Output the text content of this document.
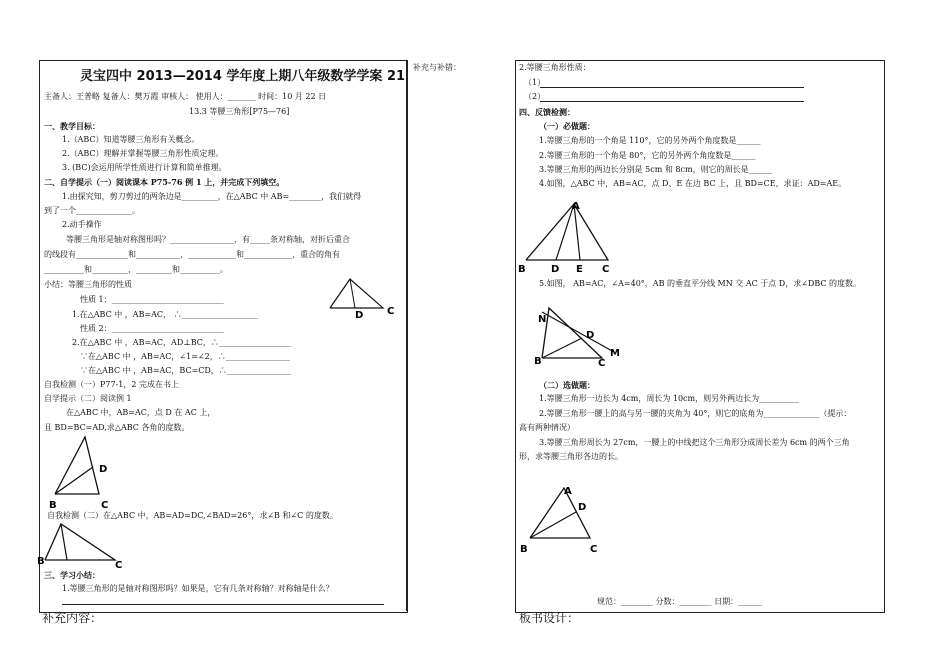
灵宝四中 2013—2014 学年度上期八年级数学学案 21
主备人：王普略 复备人：樊万霞 审核人： 使用人：_______ 时间：10 月 22 日
13.3 等腰三角形[P75—76]
一、教学目标：
1.（ABC）知道等腰三角形有关概念。
2.（ABC）理解并掌握等腰三角形性质定理。
3. (BC)会运用所学性质进行计算和简单推理。
二、自学提示（一）阅读课本 P75-76 例 1 上，并完成下列填空。
1.由探究知，剪刀剪过的两条边是_________，在△ABC 中 AB=________，我们就得
到了一个______________。
2.动手操作
等腰三角形是轴对称图形吗？________________，有_____条对称轴，对折后重合
的线段有_____________和___________，____________和____________，重合的角有
__________和_________，_________和__________。
小结：等腰三角形的性质
性质 1：____________________________
1.在△ABC 中 ，AB=AC， ∴___________________
性质 2：____________________________
2.在△ABC 中 ，AB=AC，AD⊥BC，∴__________________
∵在△ABC 中 ，AB=AC，∠1=∠2，∴________________
∵在△ABC 中 ，AB=AC，BC=CD，∴________________
自我检测（一）P77-1，2 完成在书上
自学提示（二）阅读例 1
在△ABC 中，AB=AC，点 D 在 AC 上，
且 BD=BC=AD,求△ABC 各角的度数。
D C
D
B	C
自我检测（二）在△ABC 中，AB=AD=DC,∠BAD=26°，求∠B 和∠C 的度数。
B	C
三、学习小结：
1.等腰三角形的是轴对称图形吗？如果是，它有几条对称轴？对称轴是什么？
补充内容：
补充与补错：	2.等腰三角形性质：
（1）
（2）
四、反馈检测：
（一）必做题：
1.等腰三角形的一个角是 110°，它的另外两个角度数是______
2.等腰三角形的一个角是 80°，它的另外两个角度数是______
3.等腰三角形的两边长分别是 5cm 和 8cm，则它的周长是______
4.如图，△ABC 中，AB=AC，点 D、E 在边 BC 上，且 BD=CE，求证：AD=AE。
A
B	D E C
5.如图， AB=AC，∠A=40°，AB 的垂直平分线 MN 交 AC 于点 D，求∠DBC 的度数。
N
D
B	C
M
（二）选做题：
1.等腰三角形一边长为 4cm，周长为 10cm，则另外两边长为__________
2.等腰三角形一腰上的高与另一腰的夹角为 40°，则它的底角为______________（提示：
高有两种情况）
3.等腰三角形周长为 27cm，一腰上的中线把这个三角形分成周长差为 6cm 的两个三角
形，求等腰三角形各边的长。
A
D
B	C
规范：________ 分数：________ 日期：______
板书设计：
